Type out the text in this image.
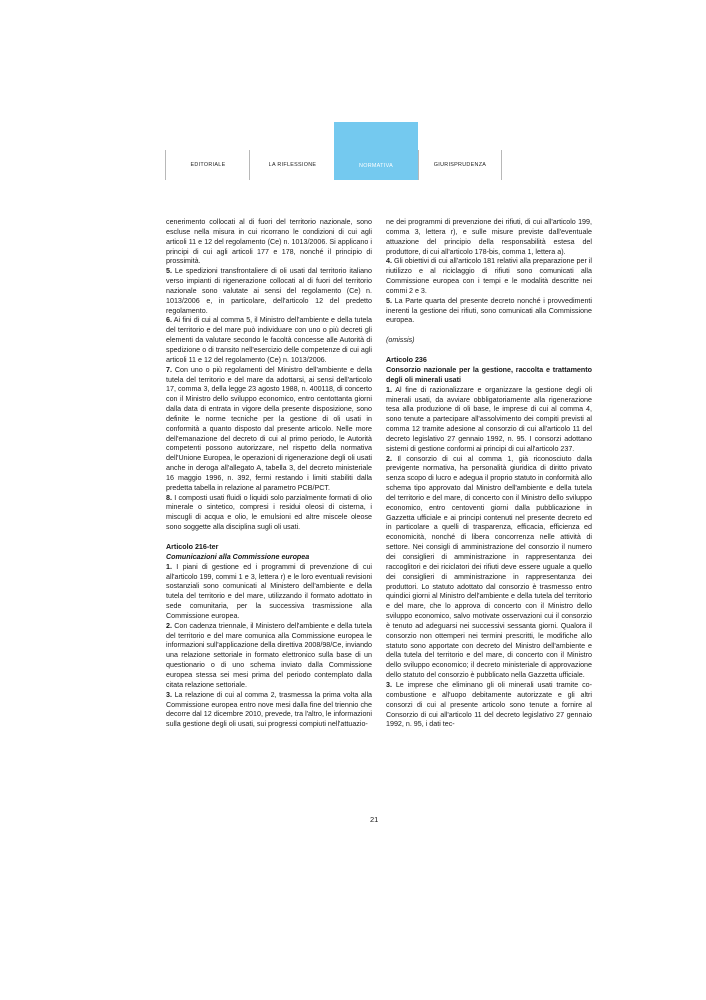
EDITORIALE	LA RIFLESSIONE	NORMATIVA	GIURISPRUDENZA

cenerimento collocati al di fuori del territorio nazionale, sono escluse nella misura in cui ricorrano le condizioni di cui agli articoli 11 e 12 del regolamento (Ce) n. 1013/2006. Si applicano i principi di cui agli articoli 177 e 178, nonché il principio di prossimità.

5. Le spedizioni transfrontaliere di oli usati dal territorio italiano verso impianti di rigenerazione collocati al di fuori del territorio nazionale sono valutate ai sensi del regolamento (Ce) n. 1013/2006 e, in particolare, dell'articolo 12 del predetto regolamento.

6. Ai fini di cui al comma 5, il Ministro dell'ambiente e della tutela del territorio e del mare può individuare con uno o più decreti gli elementi da valutare secondo le facoltà concesse alle Autorità di spedizione o di transito nell'esercizio delle competenze di cui agli articoli 11 e 12 del regolamento (Ce) n. 1013/2006.

7. Con uno o più regolamenti del Ministro dell'ambiente e della tutela del territorio e del mare da adottarsi, ai sensi dell'articolo 17, comma 3, della legge 23 agosto 1988, n. 400118, di concerto con il Ministro dello sviluppo economico, entro centottanta giorni dalla data di entrata in vigore della presente disposizione, sono definite le norme tecniche per la gestione di oli usati in conformità a quanto disposto dal presente articolo. Nelle more dell'emanazione del decreto di cui al primo periodo, le Autorità competenti possono autorizzare, nel rispetto della normativa dell'Unione Europea, le operazioni di rigenerazione degli oli usati anche in deroga all'allegato A, tabella 3, del decreto ministeriale 16 maggio 1996, n. 392, fermi restando i limiti stabiliti dalla predetta tabella in relazione al parametro PCB/PCT.

8. I composti usati fluidi o liquidi solo parzialmente formati di olio minerale o sintetico, compresi i residui oleosi di cisterna, i miscugli di acqua e olio, le emulsioni ed altre miscele oleose sono soggette alla disciplina sugli oli usati.

Articolo 216-ter

Comunicazioni alla Commissione europea

1. I piani di gestione ed i programmi di prevenzione di cui all'articolo 199, commi 1 e 3, lettera r) e le loro eventuali revisioni sostanziali sono comunicati al Ministero dell'ambiente e della tutela del territorio e del mare, utilizzando il formato adottato in sede comunitaria, per la successiva trasmissione alla Commissione europea.

2. Con cadenza triennale, il Ministero dell'ambiente e della tutela del territorio e del mare comunica alla Commissione europea le informazioni sull'applicazione della direttiva 2008/98/Ce, inviando una relazione settoriale in formato elettronico sulla base di un questionario o di uno schema inviato dalla Commissione europea stessa sei mesi prima del periodo contemplato dalla citata relazione settoriale.

3. La relazione di cui al comma 2, trasmessa la prima volta alla Commissione europea entro nove mesi dalla fine del triennio che decorre dal 12 dicembre 2010, prevede, tra l'altro, le informazioni sulla gestione degli oli usati, sui progressi compiuti nell'attuazio-

ne dei programmi di prevenzione dei rifiuti, di cui all'articolo 199, comma 3, lettera r), e sulle misure previste dall'eventuale attuazione del principio della responsabilità estesa del produttore, di cui all'articolo 178-bis, comma 1, lettera a).

4. Gli obiettivi di cui all'articolo 181 relativi alla preparazione per il riutilizzo e al riciclaggio di rifiuti sono comunicati alla Commissione europea con i tempi e le modalità descritte nei commi 2 e 3.

5. La Parte quarta del presente decreto nonché i provvedimenti inerenti la gestione dei rifiuti, sono comunicati alla Commissione europea.

(omissis)

Articolo 236

Consorzio nazionale per la gestione, raccolta e trattamento degli oli minerali usati

1. Al fine di razionalizzare e organizzare la gestione degli oli minerali usati, da avviare obbligatoriamente alla rigenerazione tesa alla produzione di oli base, le imprese di cui al comma 4, sono tenute a partecipare all'assolvimento dei compiti previsti al comma 12 tramite adesione al consorzio di cui all'articolo 11 del decreto legislativo 27 gennaio 1992, n. 95. I consorzi adottano sistemi di gestione conformi ai principi di cui all'articolo 237.

2. Il consorzio di cui al comma 1, già riconosciuto dalla previgente normativa, ha personalità giuridica di diritto privato senza scopo di lucro e adegua il proprio statuto in conformità allo schema tipo approvato dal Ministro dell'ambiente e della tutela del territorio e del mare, di concerto con il Ministro dello sviluppo economico, entro centoventi giorni dalla pubblicazione in Gazzetta ufficiale e ai principi contenuti nel presente decreto ed in particolare a quelli di trasparenza, efficacia, efficienza ed economicità, nonché di libera concorrenza nelle attività di settore. Nei consigli di amministrazione del consorzio il numero dei consiglieri di amministrazione in rappresentanza dei raccoglitori e dei riciclatori dei rifiuti deve essere uguale a quello dei consiglieri di amministrazione in rappresentanza dei produttori. Lo statuto adottato dal consorzio è trasmesso entro quindici giorni al Ministro dell'ambiente e della tutela del territorio e del mare, che lo approva di concerto con il Ministro dello sviluppo economico, salvo motivate osservazioni cui il consorzio è tenuto ad adeguarsi nei successivi sessanta giorni. Qualora il consorzio non ottemperi nei termini prescritti, le modifiche allo statuto sono apportate con decreto del Ministro dell'ambiente e della tutela del territorio e del mare, di concerto con il Ministro dello sviluppo economico; il decreto ministeriale di approvazione dello statuto del consorzio è pubblicato nella Gazzetta ufficiale.

3. Le imprese che eliminano gli oli minerali usati tramite co-combustione e all'uopo debitamente autorizzate e gli altri consorzi di cui al presente articolo sono tenute a fornire al Consorzio di cui all'articolo 11 del decreto legislativo 27 gennaio 1992, n. 95, i dati tec-

21
